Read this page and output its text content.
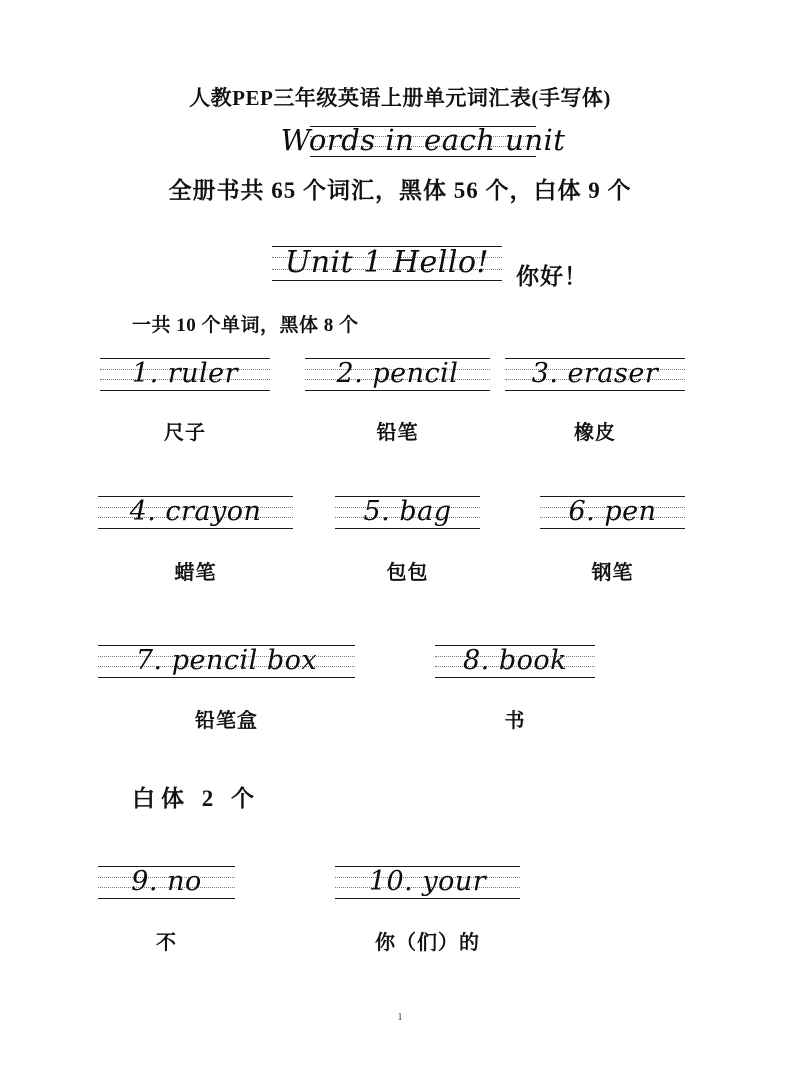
人教PEP三年级英语上册单元词汇表(手写体)
Words in each unit
全册书共 65 个词汇，黑体 56 个，白体 9 个
Unit 1 Hello!	你好！
一共 10 个单词，黑体 8 个
1. ruler
尺子
2. pencil
铅笔
3. eraser
橡皮
4. crayon
蜡笔
5. bag
包包
6. pen
钢笔
7. pencil box
铅笔盒
8. book
书
白体 2 个
9. no
不
10. your
你（们）的
1
